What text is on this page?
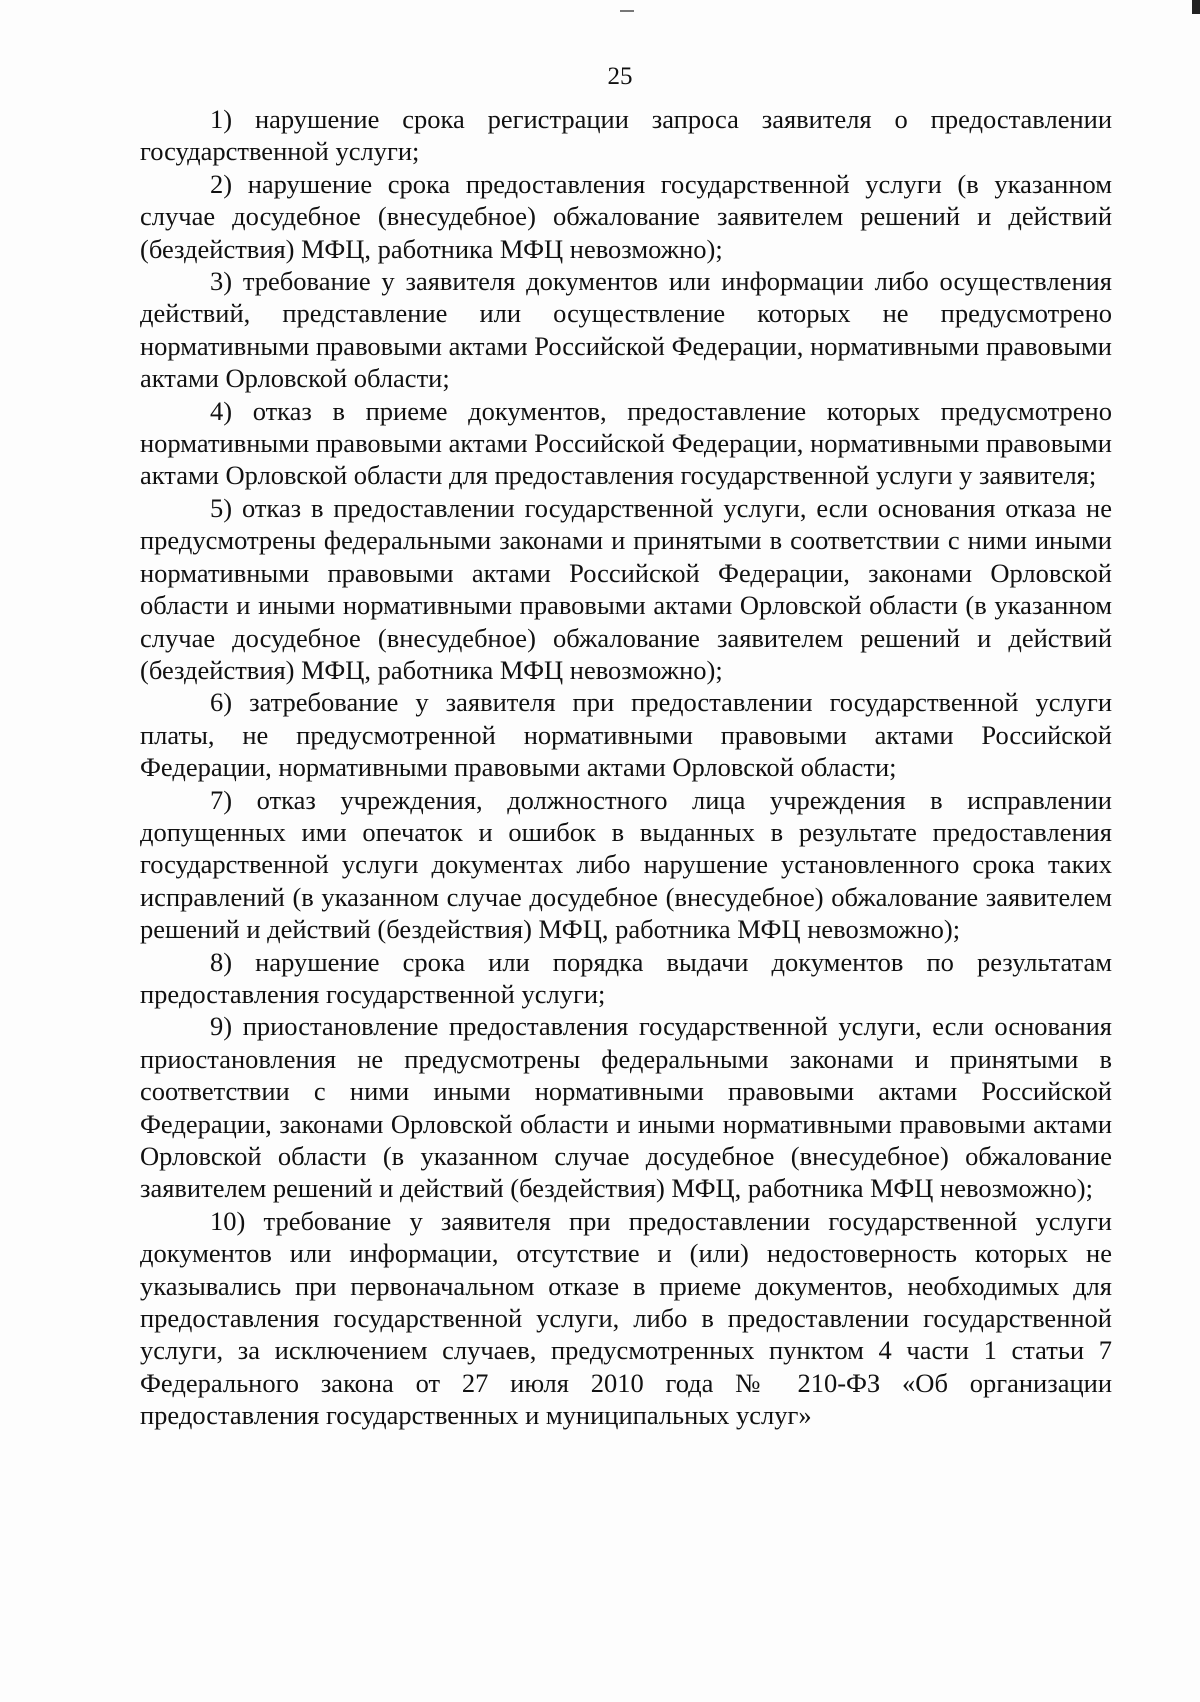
25

1) нарушение срока регистрации запроса заявителя о предоставлении государственной услуги;

2) нарушение срока предоставления государственной услуги (в указанном случае досудебное (внесудебное) обжалование заявителем решений и действий (бездействия) МФЦ, работника МФЦ невозможно);

3) требование у заявителя документов или информации либо осуществления действий, представление или осуществление которых не предусмотрено нормативными правовыми актами Российской Федерации, нормативными правовыми актами Орловской области;

4) отказ в приеме документов, предоставление которых предусмотрено нормативными правовыми актами Российской Федерации, нормативными правовыми актами Орловской области для предоставления государственной услуги у заявителя;

5) отказ в предоставлении государственной услуги, если основания отказа не предусмотрены федеральными законами и принятыми в соответствии с ними иными нормативными правовыми актами Российской Федерации, законами Орловской области и иными нормативными правовыми актами Орловской области (в указанном случае досудебное (внесудебное) обжалование заявителем решений и действий (бездействия) МФЦ, работника МФЦ невозможно);

6) затребование у заявителя при предоставлении государственной услуги платы, не предусмотренной нормативными правовыми актами Российской Федерации, нормативными правовыми актами Орловской области;

7) отказ учреждения, должностного лица учреждения в исправлении допущенных ими опечаток и ошибок в выданных в результате предоставления государственной услуги документах либо нарушение установленного срока таких исправлений (в указанном случае досудебное (внесудебное) обжалование заявителем решений и действий (бездействия) МФЦ, работника МФЦ невозможно);

8) нарушение срока или порядка выдачи документов по результатам предоставления государственной услуги;

9) приостановление предоставления государственной услуги, если основания приостановления не предусмотрены федеральными законами и принятыми в соответствии с ними иными нормативными правовыми актами Российской Федерации, законами Орловской области и иными нормативными правовыми актами Орловской области (в указанном случае досудебное (внесудебное) обжалование заявителем решений и действий (бездействия) МФЦ, работника МФЦ невозможно);

10) требование у заявителя при предоставлении государственной услуги документов или информации, отсутствие и (или) недостоверность которых не указывались при первоначальном отказе в приеме документов, необходимых для предоставления государственной услуги, либо в предоставлении государственной услуги, за исключением случаев, предусмотренных пунктом 4 части 1 статьи 7 Федерального закона от 27 июля 2010 года № 210-ФЗ «Об организации предоставления государственных и муниципальных услуг»
